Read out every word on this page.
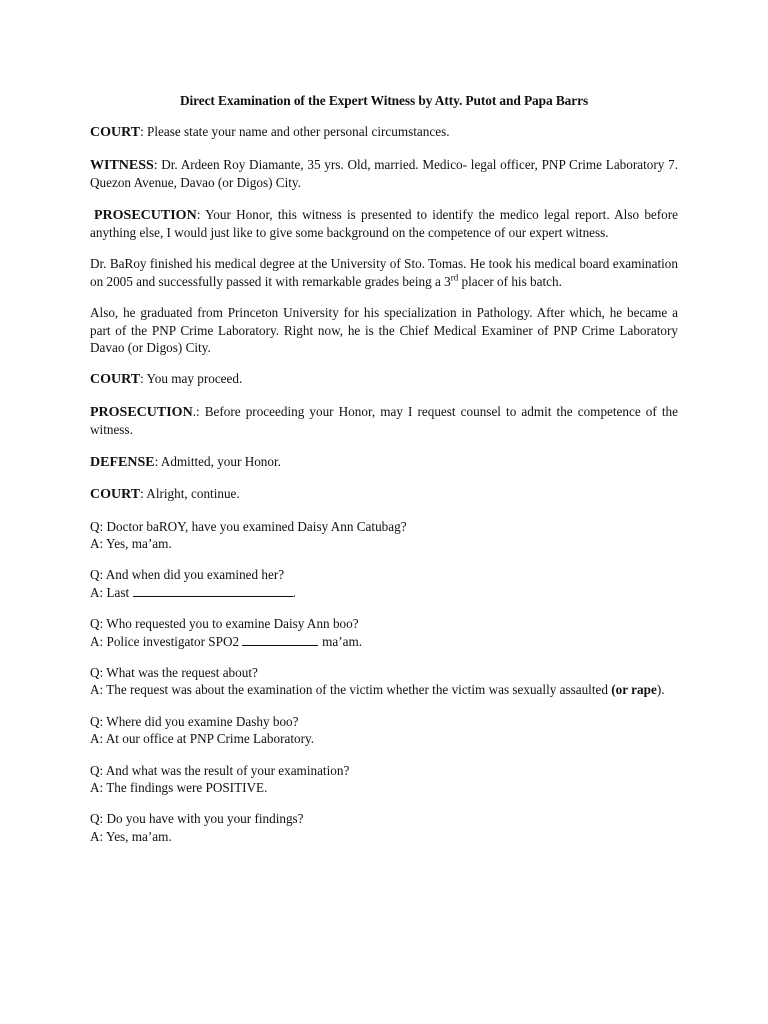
Direct Examination of the Expert Witness by Atty. Putot and Papa Barrs

COURT: Please state your name and other personal circumstances.

WITNESS: Dr. Ardeen Roy Diamante, 35 yrs. Old, married. Medico- legal officer, PNP Crime Laboratory 7. Quezon Avenue, Davao (or Digos) City.

PROSECUTION: Your Honor, this witness is presented to identify the medico legal report. Also before anything else, I would just like to give some background on the competence of our expert witness.

Dr. BaRoy finished his medical degree at the University of Sto. Tomas. He took his medical board examination on 2005 and successfully passed it with remarkable grades being a 3rd placer of his batch.

Also, he graduated from Princeton University for his specialization in Pathology. After which, he became a part of the PNP Crime Laboratory. Right now, he is the Chief Medical Examiner of PNP Crime Laboratory Davao (or Digos) City.

COURT: You may proceed.

PROSECUTION.: Before proceeding your Honor, may I request counsel to admit the competence of the witness.

DEFENSE: Admitted, your Honor.

COURT: Alright, continue.

Q: Doctor baROY, have you examined Daisy Ann Catubag?
A: Yes, ma’am.
Q: And when did you examined her?
A: Last	.
Q: Who requested you to examine Daisy Ann boo?
A: Police investigator SPO2	ma’am.
Q: What was the request about?
A: The request was about the examination of the victim whether the victim was sexually assaulted (or rape).
Q: Where did you examine Dashy boo?
A: At our office at PNP Crime Laboratory.
Q: And what was the result of your examination?
A: The findings were POSITIVE.
Q: Do you have with you your findings?
A: Yes, ma’am.
